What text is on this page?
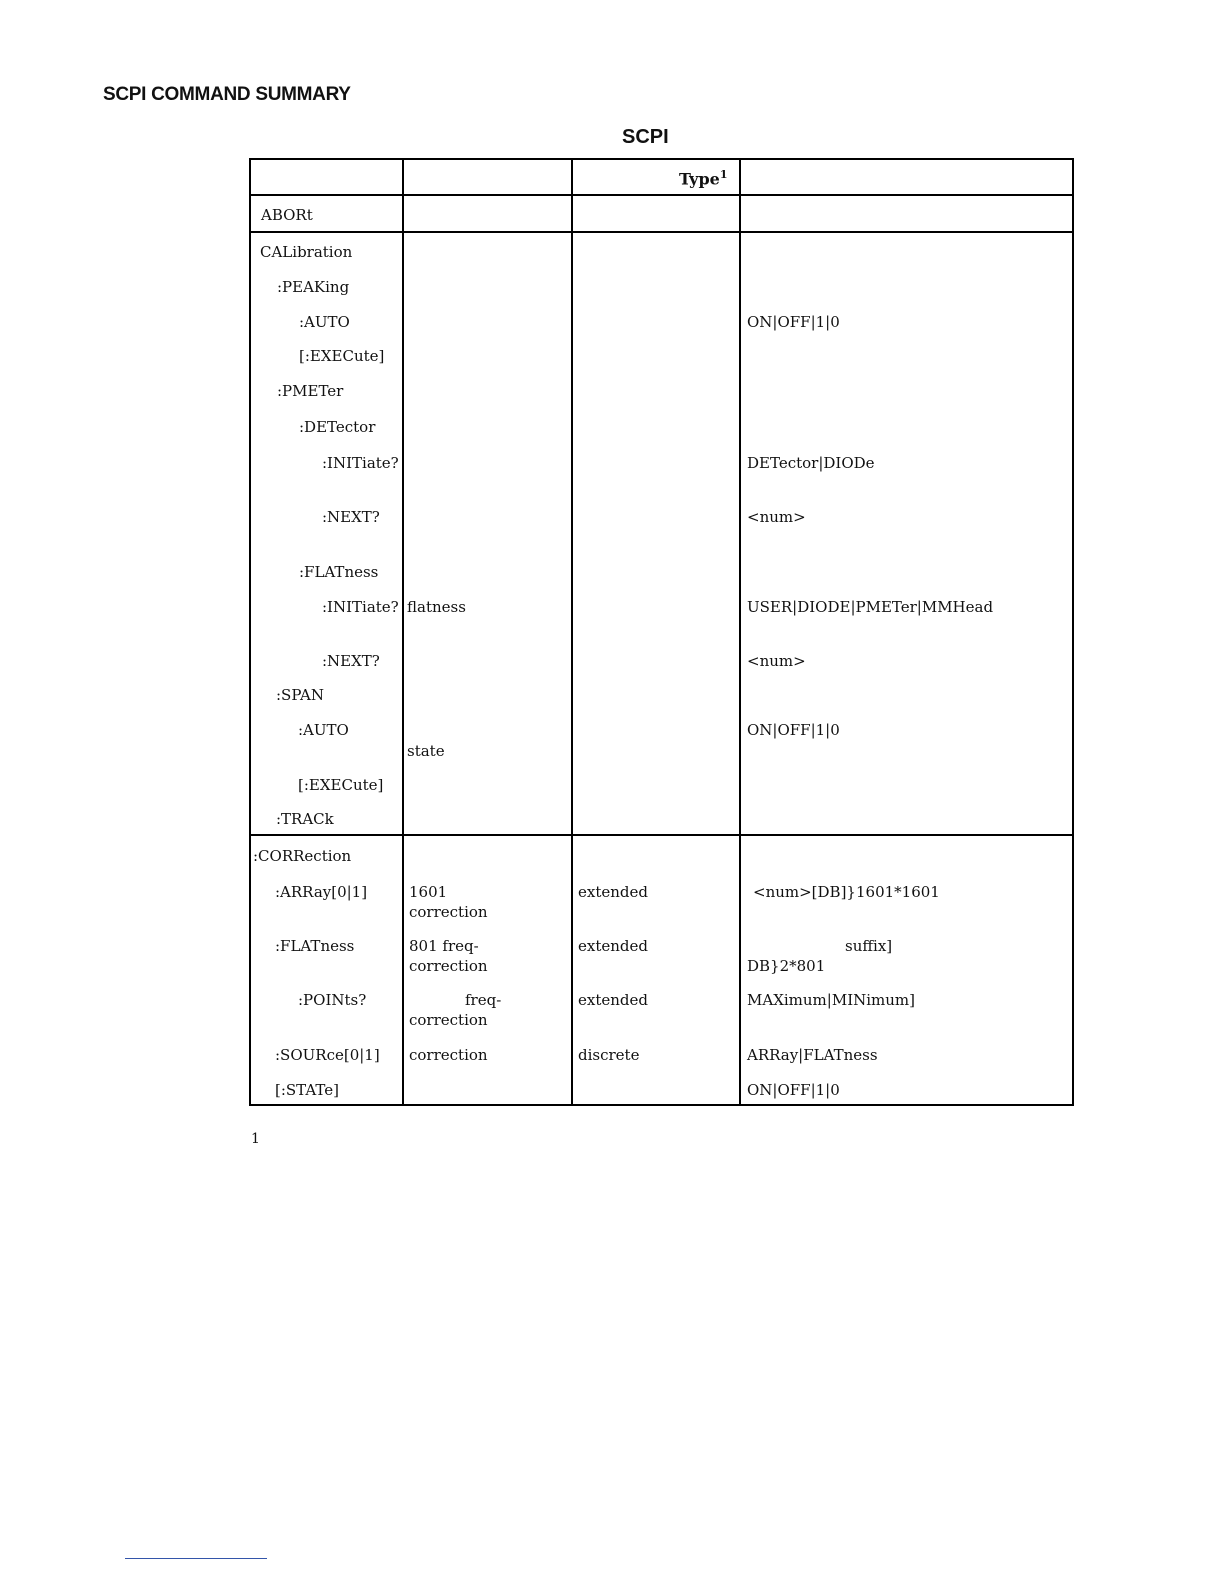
SCPI COMMAND SUMMARY
SCPI
Type$^1$
ABORt
CALibration
:PEAKing
:AUTO
[:EXECute]
:PMETer
:DETector
:INITiate?
:NEXT?
:FLATness
:INITiate?
:NEXT?
:SPAN
:AUTO
[:EXECute]
:TRACk
:CORRection
:ARRay[0|1]
:FLATness
:POINts?
:SOURce[0|1]
[:STATe]
flatness
state
1601
correction
801 freq-
correction
freq-
correction
correction
extended
extended
extended
discrete
ON|OFF|1|0
DETector|DIODe
<num>
USER|DIODE|PMETer|MMHead
<num>
ON|OFF|1|0
<num>[DB]}1601*1601
suffix]
DB}2*801
MAXimum|MINimum]
ARRay|FLATness
ON|OFF|1|0
1
